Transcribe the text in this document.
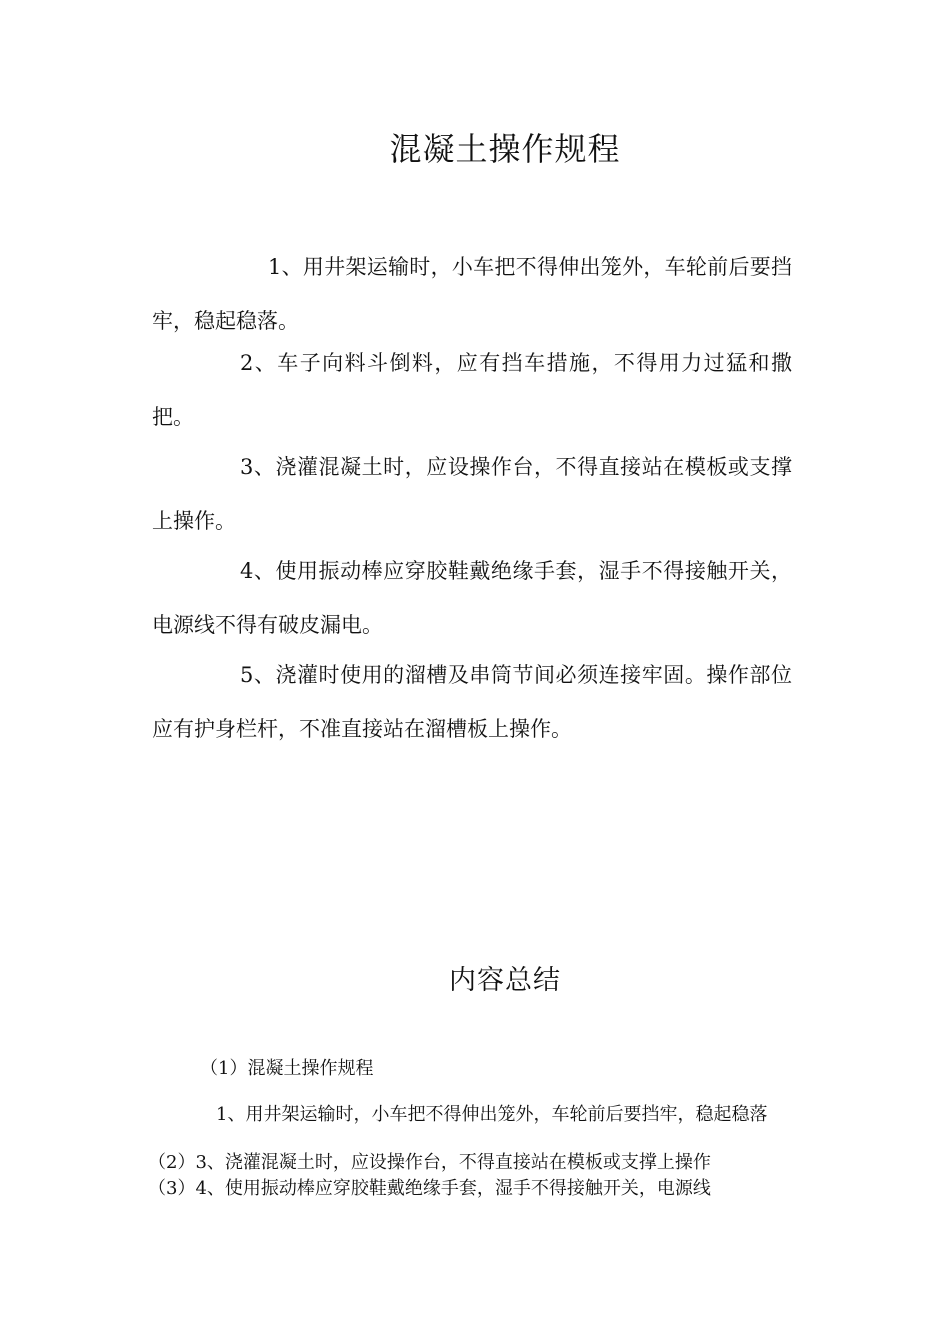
混凝土操作规程

1、用井架运输时，小车把不得伸出笼外，车轮前后要挡牢，稳起稳落。

2、车子向料斗倒料，应有挡车措施，不得用力过猛和撒把。

3、浇灌混凝土时，应设操作台，不得直接站在模板或支撑上操作。

4、使用振动棒应穿胶鞋戴绝缘手套，湿手不得接触开关，电源线不得有破皮漏电。

5、浇灌时使用的溜槽及串筒节间必须连接牢固。操作部位应有护身栏杆，不准直接站在溜槽板上操作。

内容总结

（1）混凝土操作规程

1、用井架运输时，小车把不得伸出笼外，车轮前后要挡牢，稳起稳落

（2）3、浇灌混凝土时，应设操作台，不得直接站在模板或支撑上操作

（3）4、使用振动棒应穿胶鞋戴绝缘手套，湿手不得接触开关，电源线
